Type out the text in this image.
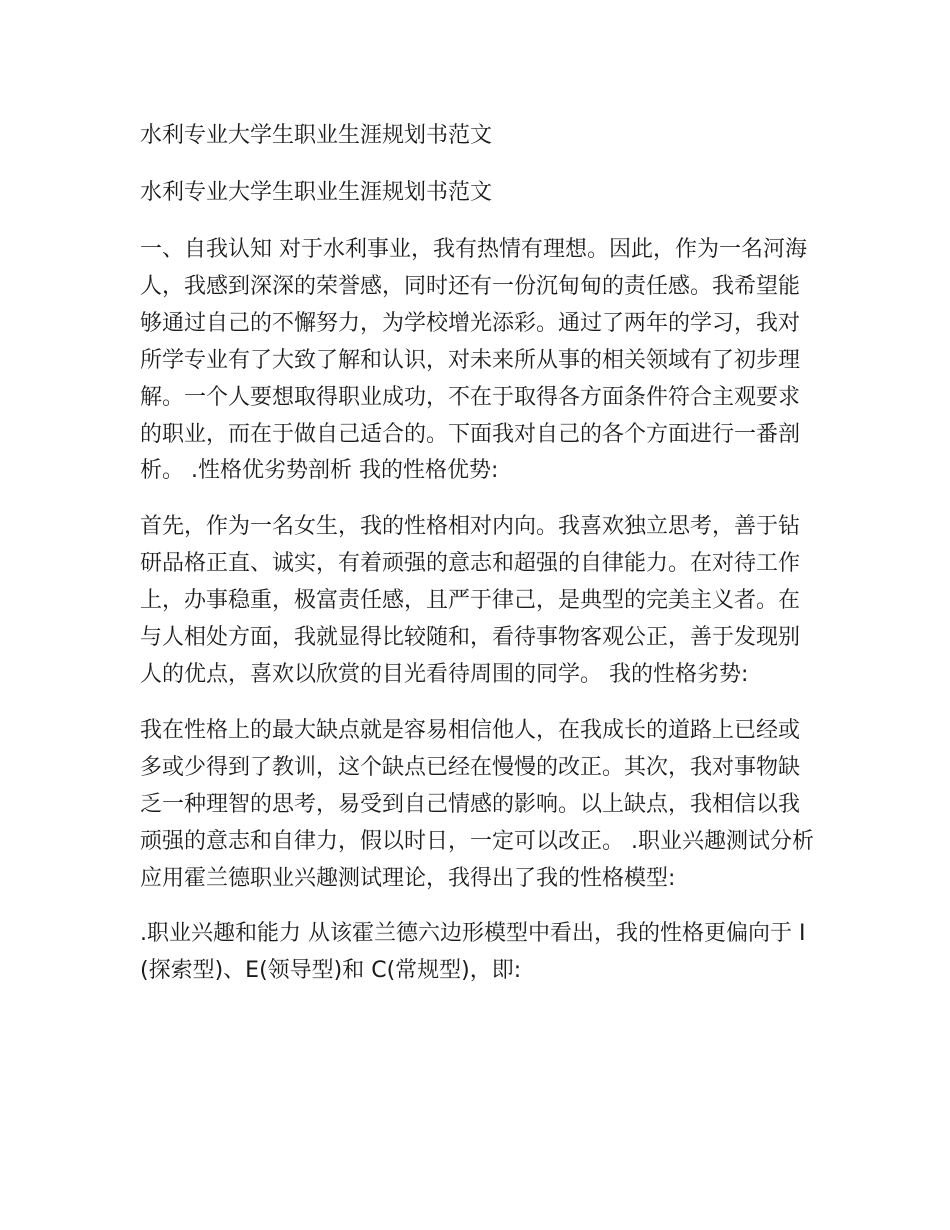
水利专业大学生职业生涯规划书范文

水利专业大学生职业生涯规划书范文

一、自我认知 对于水利事业，我有热情有理想。因此，作为一名河海人，我感到深深的荣誉感，同时还有一份沉甸甸的责任感。我希望能够通过自己的不懈努力，为学校增光添彩。通过了两年的学习，我对所学专业有了大致了解和认识，对未来所从事的相关领域有了初步理解。一个人要想取得职业成功，不在于取得各方面条件符合主观要求的职业，而在于做自己适合的。下面我对自己的各个方面进行一番剖析。 .性格优劣势剖析 我的性格优势:

首先，作为一名女生，我的性格相对内向。我喜欢独立思考，善于钻研品格正直、诚实，有着顽强的意志和超强的自律能力。在对待工作上，办事稳重，极富责任感，且严于律己，是典型的完美主义者。在与人相处方面，我就显得比较随和，看待事物客观公正，善于发现别人的优点，喜欢以欣赏的目光看待周围的同学。 我的性格劣势:

我在性格上的最大缺点就是容易相信他人，在我成长的道路上已经或多或少得到了教训，这个缺点已经在慢慢的改正。其次，我对事物缺乏一种理智的思考，易受到自己情感的影响。以上缺点，我相信以我顽强的意志和自律力，假以时日，一定可以改正。 .职业兴趣测试分析 应用霍兰德职业兴趣测试理论，我得出了我的性格模型:

.职业兴趣和能力 从该霍兰德六边形模型中看出，我的性格更偏向于 I(探索型)、E(领导型)和 C(常规型)，即:
